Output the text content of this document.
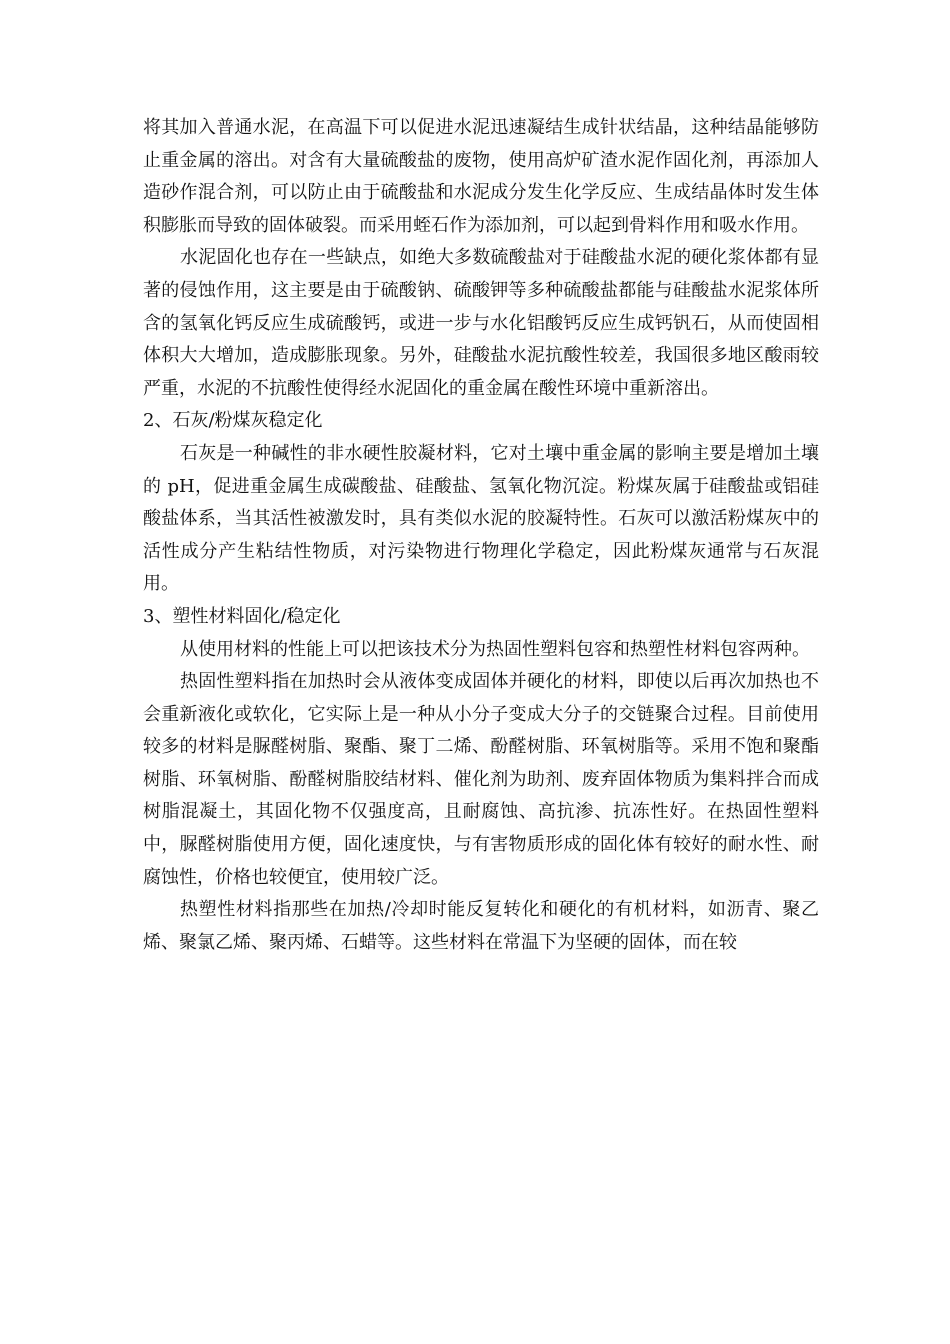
将其加入普通水泥，在高温下可以促进水泥迅速凝结生成针状结晶，这种结晶能够防止重金属的溶出。对含有大量硫酸盐的废物，使用高炉矿渣水泥作固化剂，再添加人造砂作混合剂，可以防止由于硫酸盐和水泥成分发生化学反应、生成结晶体时发生体积膨胀而导致的固体破裂。而采用蛭石作为添加剂，可以起到骨料作用和吸水作用。

水泥固化也存在一些缺点，如绝大多数硫酸盐对于硅酸盐水泥的硬化浆体都有显著的侵蚀作用，这主要是由于硫酸钠、硫酸钾等多种硫酸盐都能与硅酸盐水泥浆体所含的氢氧化钙反应生成硫酸钙，或进一步与水化铝酸钙反应生成钙钒石，从而使固相体积大大增加，造成膨胀现象。另外，硅酸盐水泥抗酸性较差，我国很多地区酸雨较严重，水泥的不抗酸性使得经水泥固化的重金属在酸性环境中重新溶出。

2、石灰/粉煤灰稳定化

石灰是一种碱性的非水硬性胶凝材料，它对土壤中重金属的影响主要是增加土壤的 pH，促进重金属生成碳酸盐、硅酸盐、氢氧化物沉淀。粉煤灰属于硅酸盐或铝硅酸盐体系，当其活性被激发时，具有类似水泥的胶凝特性。石灰可以激活粉煤灰中的活性成分产生粘结性物质，对污染物进行物理化学稳定，因此粉煤灰通常与石灰混用。

3、塑性材料固化/稳定化

从使用材料的性能上可以把该技术分为热固性塑料包容和热塑性材料包容两种。

热固性塑料指在加热时会从液体变成固体并硬化的材料，即使以后再次加热也不会重新液化或软化，它实际上是一种从小分子变成大分子的交链聚合过程。目前使用较多的材料是脲醛树脂、聚酯、聚丁二烯、酚醛树脂、环氧树脂等。采用不饱和聚酯树脂、环氧树脂、酚醛树脂胶结材料、催化剂为助剂、废弃固体物质为集料拌合而成树脂混凝土，其固化物不仅强度高，且耐腐蚀、高抗渗、抗冻性好。在热固性塑料中，脲醛树脂使用方便，固化速度快，与有害物质形成的固化体有较好的耐水性、耐腐蚀性，价格也较便宜，使用较广泛。

热塑性材料指那些在加热/冷却时能反复转化和硬化的有机材料，如沥青、聚乙烯、聚氯乙烯、聚丙烯、石蜡等。这些材料在常温下为坚硬的固体，而在较
